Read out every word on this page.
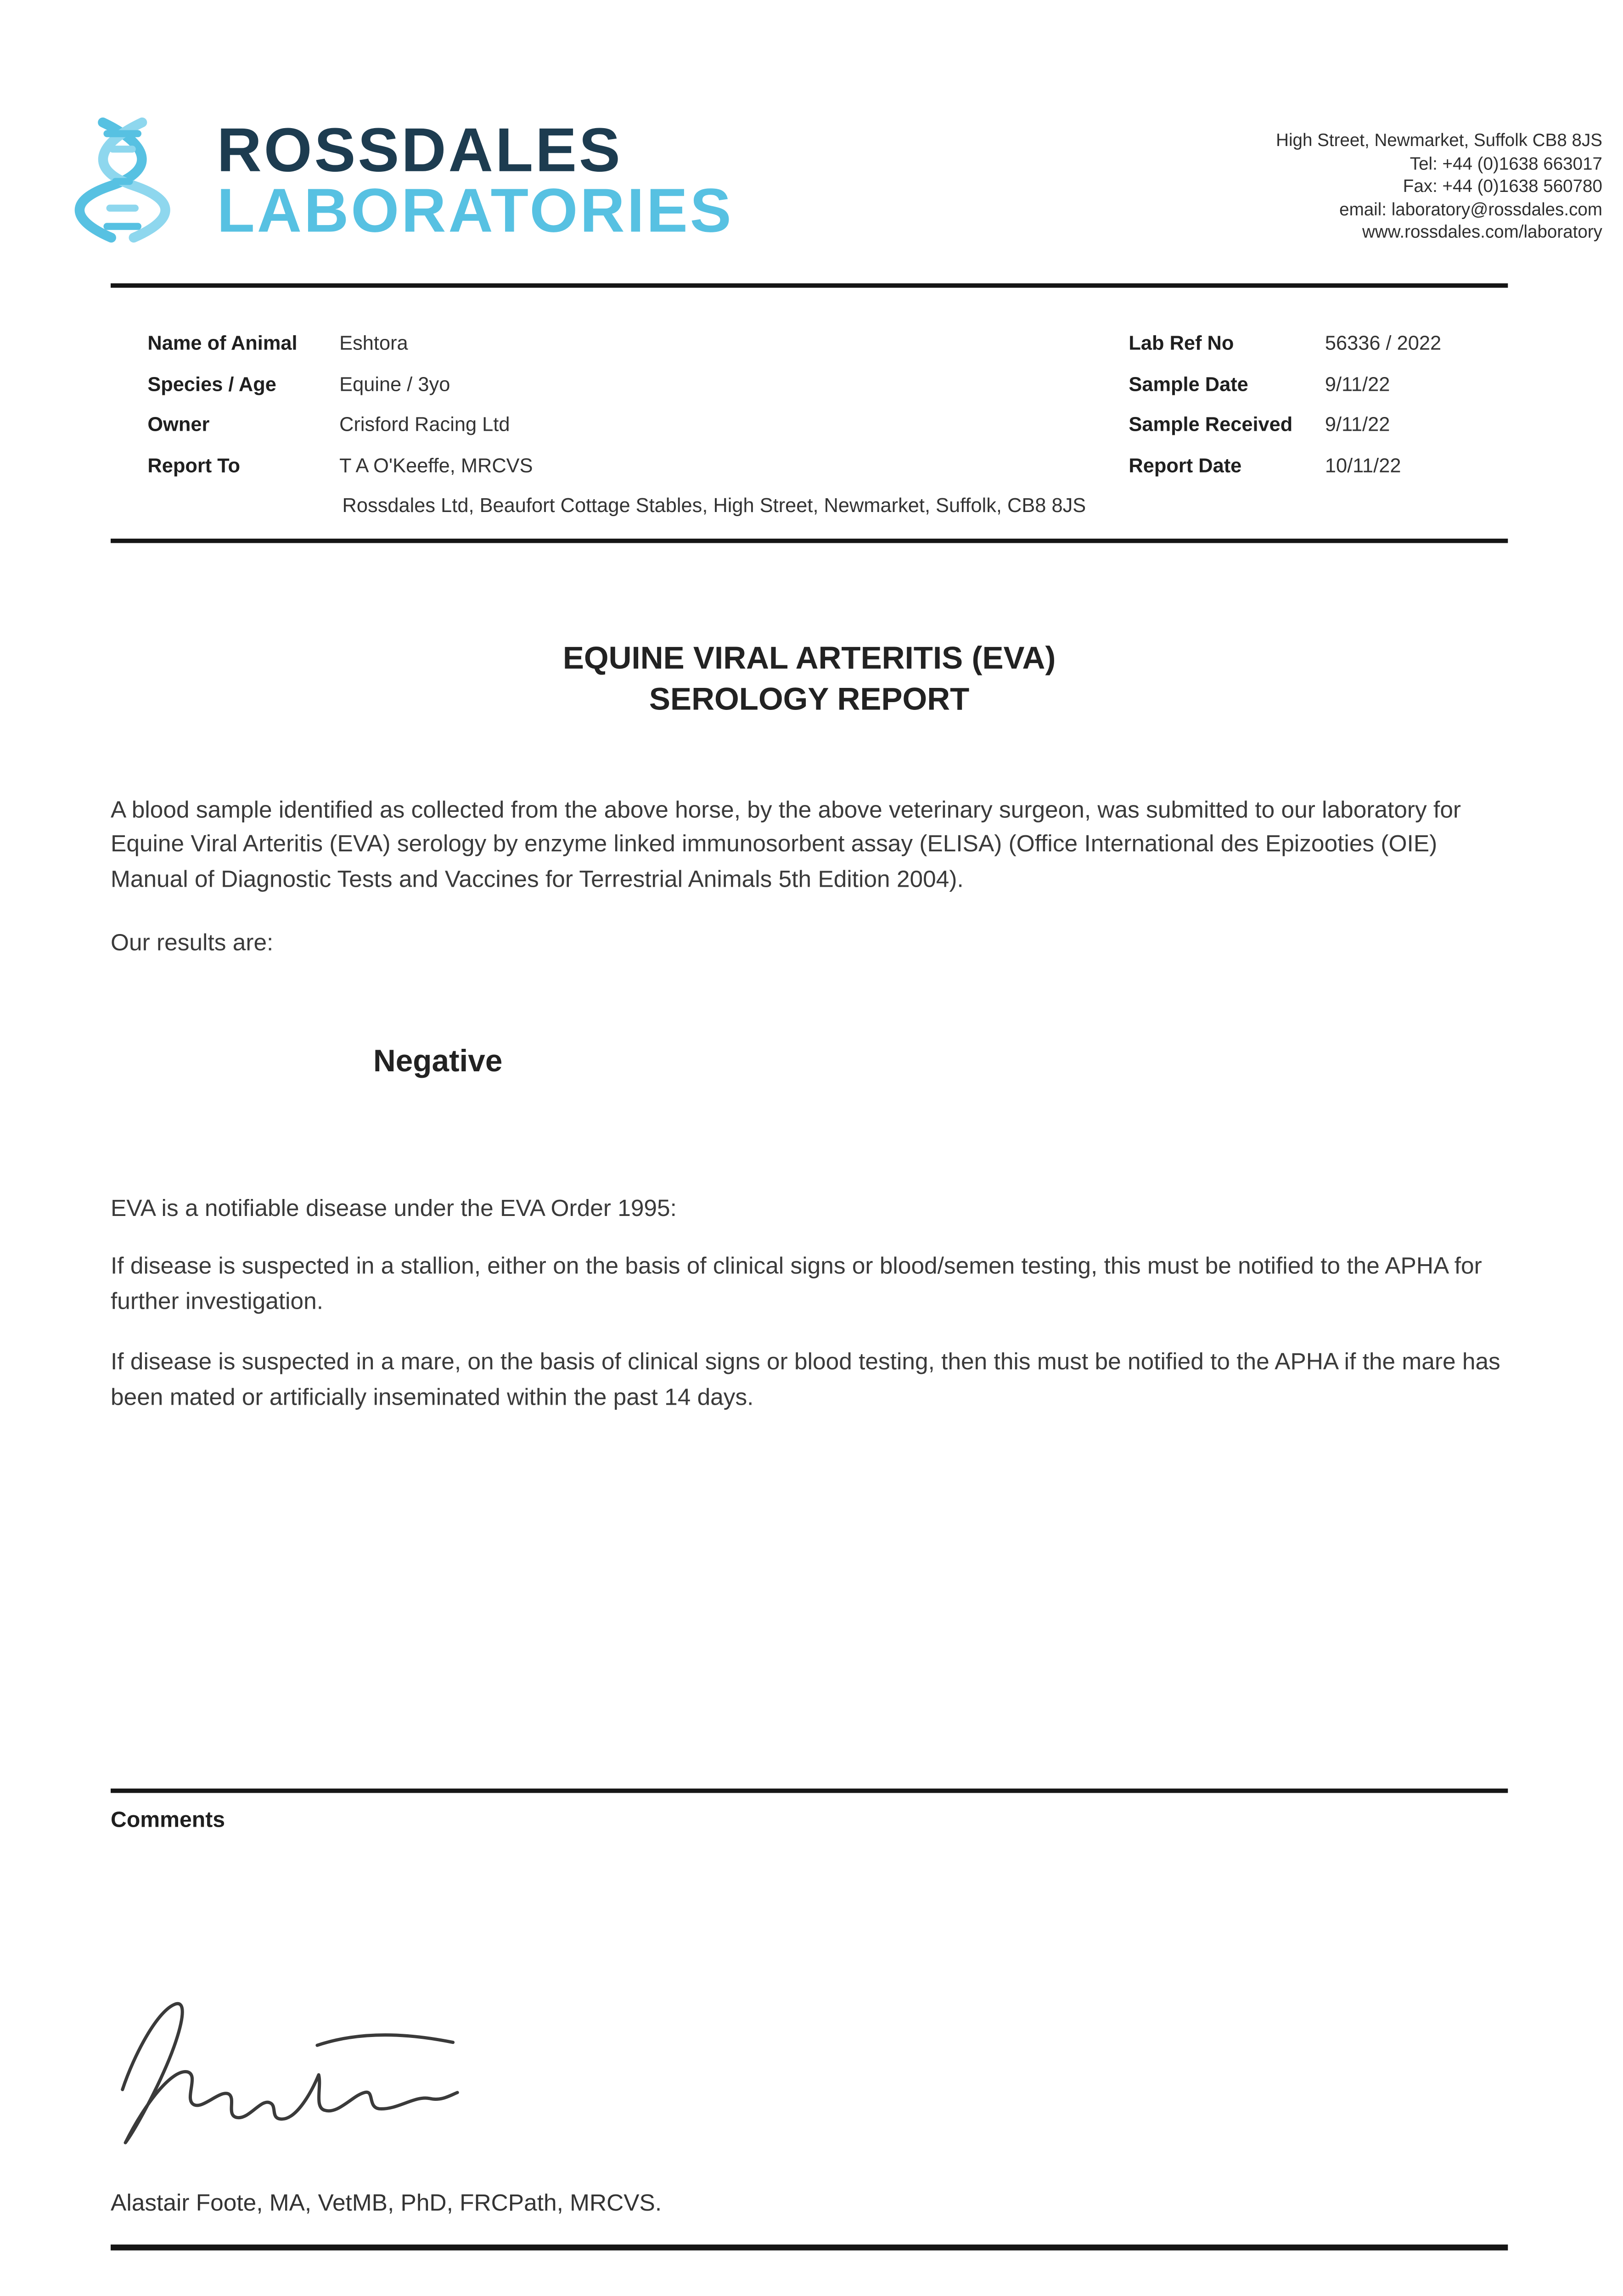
ROSSDALES
LABORATORIES
High Street, Newmarket, Suffolk CB8 8JS
Tel: +44 (0)1638 663017
Fax: +44 (0)1638 560780
email: laboratory@rossdales.com
www.rossdales.com/laboratory
Name of Animal	Eshtora
Species / Age	Equine / 3yo
Owner	Crisford Racing Ltd
Report To	T A O'Keeffe, MRCVS
Lab Ref No	56336 / 2022
Sample Date	9/11/22
Sample Received	9/11/22
Report Date	10/11/22
Rossdales Ltd, Beaufort Cottage Stables, High Street, Newmarket, Suffolk, CB8 8JS
EQUINE VIRAL ARTERITIS (EVA)
SEROLOGY REPORT

A blood sample identified as collected from the above horse, by the above veterinary surgeon, was submitted to our laboratory for Equine Viral Arteritis (EVA) serology by enzyme linked immunosorbent assay (ELISA) (Office International des Epizooties (OIE) Manual of Diagnostic Tests and Vaccines for Terrestrial Animals 5th Edition 2004).

Our results are:

Negative

EVA is a notifiable disease under the EVA Order 1995:

If disease is suspected in a stallion, either on the basis of clinical signs or blood/semen testing, this must be notified to the APHA for further investigation.

If disease is suspected in a mare, on the basis of clinical signs or blood testing, then this must be notified to the APHA if the mare has been mated or artificially inseminated within the past 14 days.

Comments
Alastair Foote, MA, VetMB, PhD, FRCPath, MRCVS.
